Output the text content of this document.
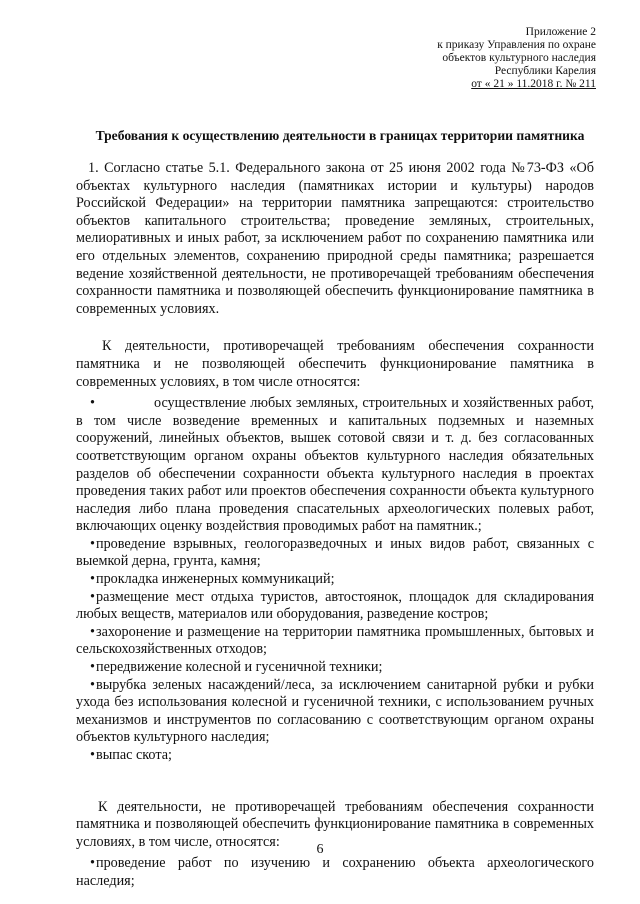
Приложение 2
к приказу Управления по охране
объектов культурного наследия
Республики Карелия
от « 21 » 11.2018 г. № 211
Требования к осуществлению деятельности в границах территории памятника

1. Согласно статье 5.1. Федерального закона от 25 июня 2002 года №73-ФЗ «Об объектах культурного наследия (памятниках истории и культуры) народов Российской Федерации» на территории памятника запрещаются: строительство объектов капитального строительства; проведение земляных, строительных, мелиоративных и иных работ, за исключением работ по сохранению памятника или его отдельных элементов, сохранению природной среды памятника; разрешается ведение хозяйственной деятельности, не противоречащей требованиям обеспечения сохранности памятника и позволяющей обеспечить функционирование памятника в современных условиях.

К деятельности, противоречащей требованиям обеспечения сохранности памятника и не позволяющей обеспечить функционирование памятника в современных условиях, в том числе относятся:

•	осуществление любых земляных, строительных и хозяйственных работ, в том числе возведение временных и капитальных подземных и наземных сооружений, линейных объектов, вышек сотовой связи и т. д. без согласованных соответствующим органом охраны объектов культурного наследия обязательных разделов об обеспечении сохранности объекта культурного наследия в проектах проведения таких работ или проектов обеспечения сохранности объекта культурного наследия либо плана проведения спасательных археологических полевых работ, включающих оценку воздействия проводимых работ на памятник.;
• проведение взрывных, геологоразведочных и иных видов работ, связанных с выемкой дерна, грунта, камня;
• прокладка инженерных коммуникаций;
• размещение мест отдыха туристов, автостоянок, площадок для складирования любых веществ, материалов или оборудования, разведение костров;
• захоронение и размещение на территории памятника промышленных, бытовых и сельскохозяйственных отходов;
• передвижение колесной и гусеничной техники;
• вырубка зеленых насаждений/леса, за исключением санитарной рубки и рубки ухода без использования колесной и гусеничной техники, с использованием ручных механизмов и инструментов по согласованию с соответствующим органом охраны объектов культурного наследия;
• выпас скота;

К деятельности, не противоречащей требованиям обеспечения сохранности памятника и позволяющей обеспечить функционирование памятника в современных условиях, в том числе, относятся:

• проведение работ по изучению и сохранению объекта археологического наследия;
6
